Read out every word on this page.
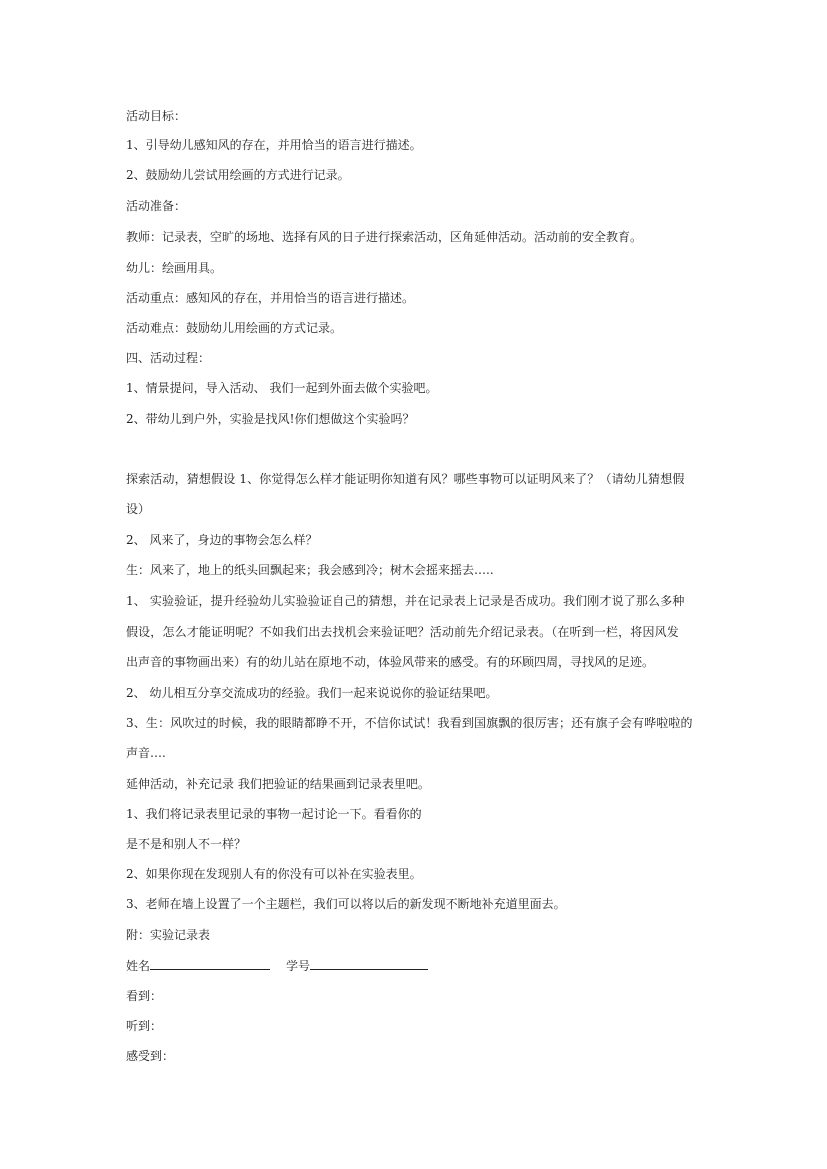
活动目标：
1、引导幼儿感知风的存在，并用恰当的语言进行描述。
2、鼓励幼儿尝试用绘画的方式进行记录。
活动准备：
教师：记录表，空旷的场地、选择有风的日子进行探索活动，区角延伸活动。活动前的安全教育。
幼儿：绘画用具。
活动重点：感知风的存在，并用恰当的语言进行描述。
活动难点：鼓励幼儿用绘画的方式记录。
四、活动过程：
1、情景提问，导入活动、 我们一起到外面去做个实验吧。
2、带幼儿到户外，实验是找风!你们想做这个实验吗？
探索活动，猜想假设 1、你觉得怎么样才能证明你知道有风？哪些事物可以证明风来了？（请幼儿猜想假
设）
2、 风来了，身边的事物会怎么样？
生：风来了，地上的纸头回飘起来；我会感到冷；树木会摇来摇去…..
1、 实验验证，提升经验幼儿实验验证自己的猜想，并在记录表上记录是否成功。我们刚才说了那么多种
假设，怎么才能证明呢？不如我们出去找机会来验证吧？活动前先介绍记录表。（在听到一栏，将因风发
出声音的事物画出来）有的幼儿站在原地不动，体验风带来的感受。有的环顾四周，寻找风的足迹。
2、 幼儿相互分享交流成功的经验。我们一起来说说你的验证结果吧。
3、生：风吹过的时候，我的眼睛都睁不开，不信你试试！我看到国旗飘的很厉害；还有旗子会有哗啦啦的
声音….
延伸活动，补充记录 我们把验证的结果画到记录表里吧。
1、我们将记录表里记录的事物一起讨论一下。看看你的
是不是和别人不一样？
2、如果你现在发现别人有的你没有可以补在实验表里。
3、老师在墙上设置了一个主题栏，我们可以将以后的新发现不断地补充道里面去。
附：实验记录表
姓名	学号
看到：
听到：
感受到：
